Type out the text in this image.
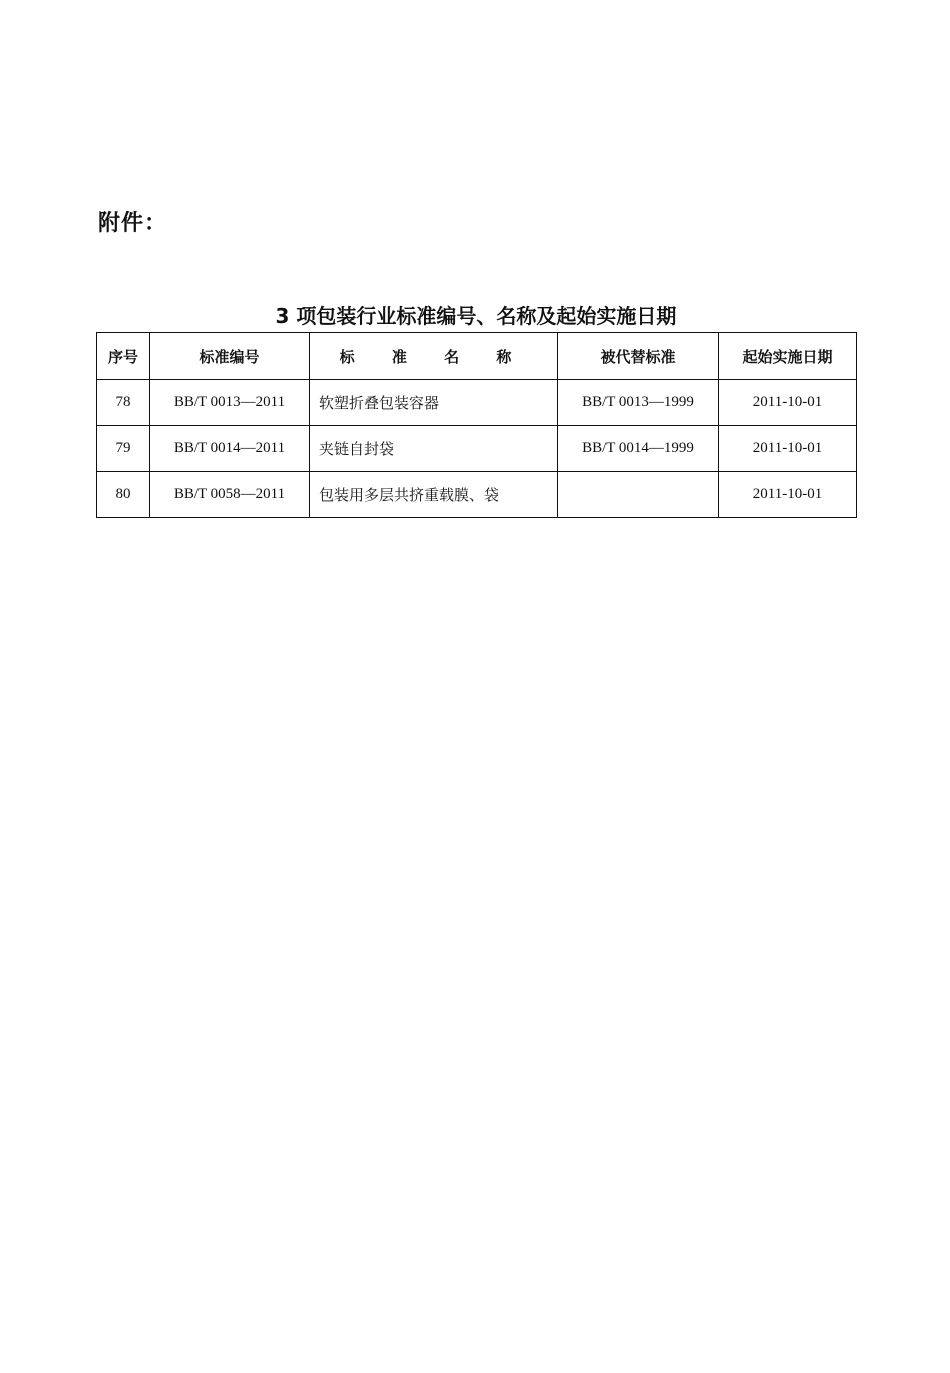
附件：
3 项包装行业标准编号、名称及起始实施日期
序号	标准编号	标 准 名 称	被代替标准	起始实施日期
78	BB/T 0013—2011	软塑折叠包装容器	BB/T 0013—1999	2011-10-01
79	BB/T 0014—2011	夹链自封袋	BB/T 0014—1999	2011-10-01
80	BB/T 0058—2011	包装用多层共挤重载膜、袋		2011-10-01
